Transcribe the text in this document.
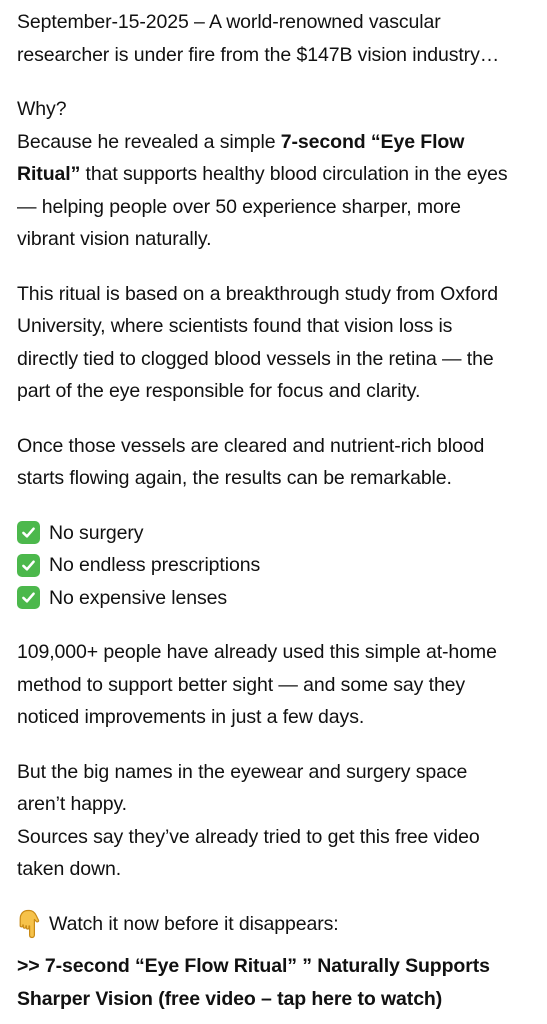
September-15-2025 – A world-renowned vascular
researcher is under fire from the $147B vision industry…
Why?
Because he revealed a simple 7-second “Eye Flow
Ritual” that supports healthy blood circulation in the eyes
— helping people over 50 experience sharper, more
vibrant vision naturally.
This ritual is based on a breakthrough study from Oxford
University, where scientists found that vision loss is
directly tied to clogged blood vessels in the retina — the
part of the eye responsible for focus and clarity.
Once those vessels are cleared and nutrient-rich blood
starts flowing again, the results can be remarkable.
No surgery
No endless prescriptions
No expensive lenses
109,000+ people have already used this simple at-home
method to support better sight — and some say they
noticed improvements in just a few days.
But the big names in the eyewear and surgery space
aren’t happy.
Sources say they’ve already tried to get this free video
taken down.
Watch it now before it disappears:
>> 7-second “Eye Flow Ritual” ” Naturally Supports
Sharper Vision (free video – tap here to watch)
